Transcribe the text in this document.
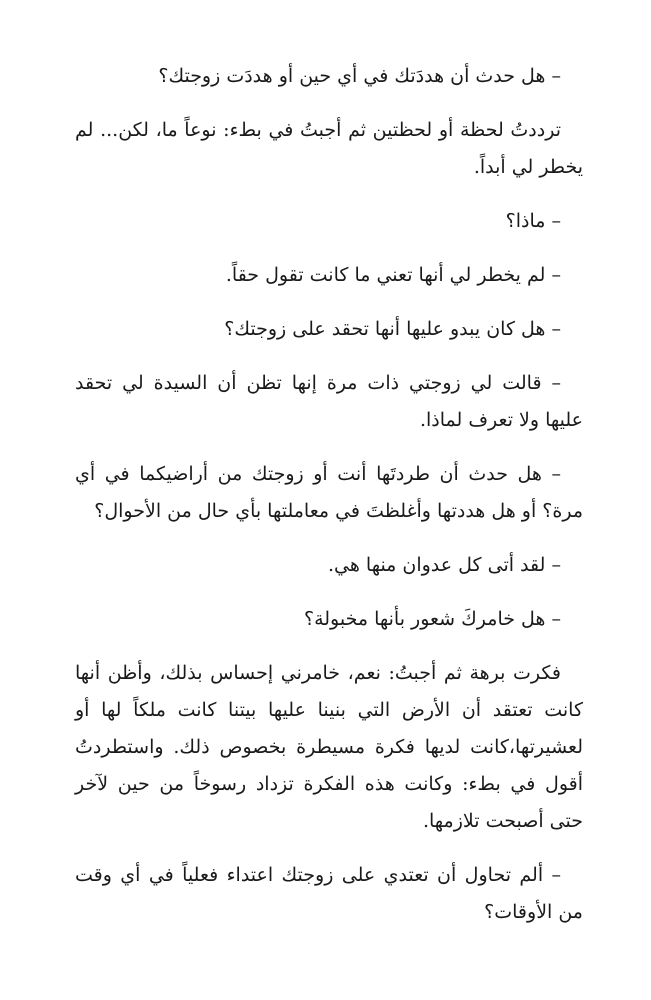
– هل حدث أن هددَتك في أي حين أو هددَت زوجتك؟

ترددتُ لحظة أو لحظتين ثم أجبتُ في بطء: نوعاً ما، لكن... لم يخطر لي أبداً.

– ماذا؟

– لم يخطر لي أنها تعني ما كانت تقول حقاً.

– هل كان يبدو عليها أنها تحقد على زوجتك؟

– قالت لي زوجتي ذات مرة إنها تظن أن السيدة لي تحقد عليها ولا تعرف لماذا.

– هل حدث أن طردتَها أنت أو زوجتك من أراضيكما في أي مرة؟ أو هل هددتها وأغلظتَ في معاملتها بأي حال من الأحوال؟

– لقد أتى كل عدوان منها هي.

– هل خامركَ شعور بأنها مخبولة؟

فكرت برهة ثم أجبتُ: نعم، خامرني إحساس بذلك، وأظن أنها كانت تعتقد أن الأرض التي بنينا عليها بيتنا كانت ملكاً لها أو لعشيرتها،كانت لديها فكرة مسيطرة بخصوص ذلك. واستطردتُ أقول في بطء: وكانت هذه الفكرة تزداد رسوخاً من حين لآخر حتى أصبحت تلازمها.

– ألم تحاول أن تعتدي على زوجتك اعتداء فعلياً في أي وقت من الأوقات؟
